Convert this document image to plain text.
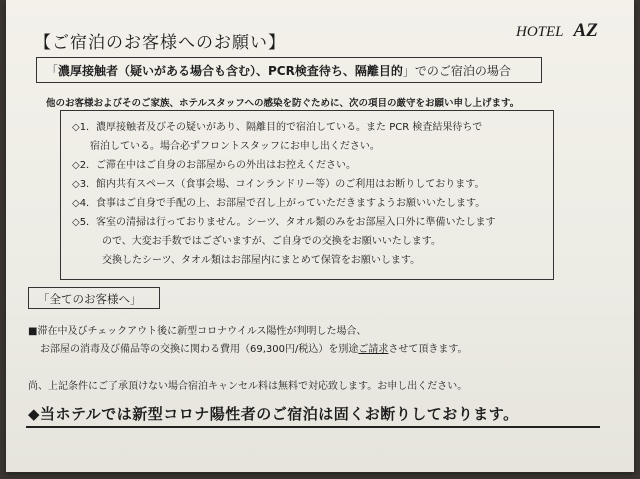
【ご宿泊のお客様へのお願い】
HOTEL AZ
「濃厚接触者（疑いがある場合も含む）、PCR検査待ち、隔離目的」でのご宿泊の場合
他のお客様およびそのご家族、ホテルスタッフへの感染を防ぐために、次の項目の厳守をお願い申し上げます。
◇1．濃厚接触者及びその疑いがあり、隔離目的で宿泊している。また PCR 検査結果待ちで
宿泊している。場合必ずフロントスタッフにお申し出ください。
◇2．ご滞在中はご自身のお部屋からの外出はお控えください。
◇3．館内共有スペース（食事会場、コインランドリー等）のご利用はお断りしております。
◇4．食事はご自身で手配の上、お部屋で召し上がっていただきますようお願いいたします。
◇5．客室の清掃は行っておりません。シーツ、タオル類のみをお部屋入口外に準備いたします
ので、大変お手数ではございますが、ご自身での交換をお願いいたします。
交換したシーツ、タオル類はお部屋内にまとめて保管をお願いします。
「全てのお客様へ」
■滞在中及びチェックアウト後に新型コロナウイルス陽性が判明した場合、
お部屋の消毒及び備品等の交換に関わる費用（69,300円/税込）を別途ご請求させて頂きます。
尚、上記条件にご了承頂けない場合宿泊キャンセル料は無料で対応致します。お申し出ください。
◆当ホテルでは新型コロナ陽性者のご宿泊は固くお断りしております。
